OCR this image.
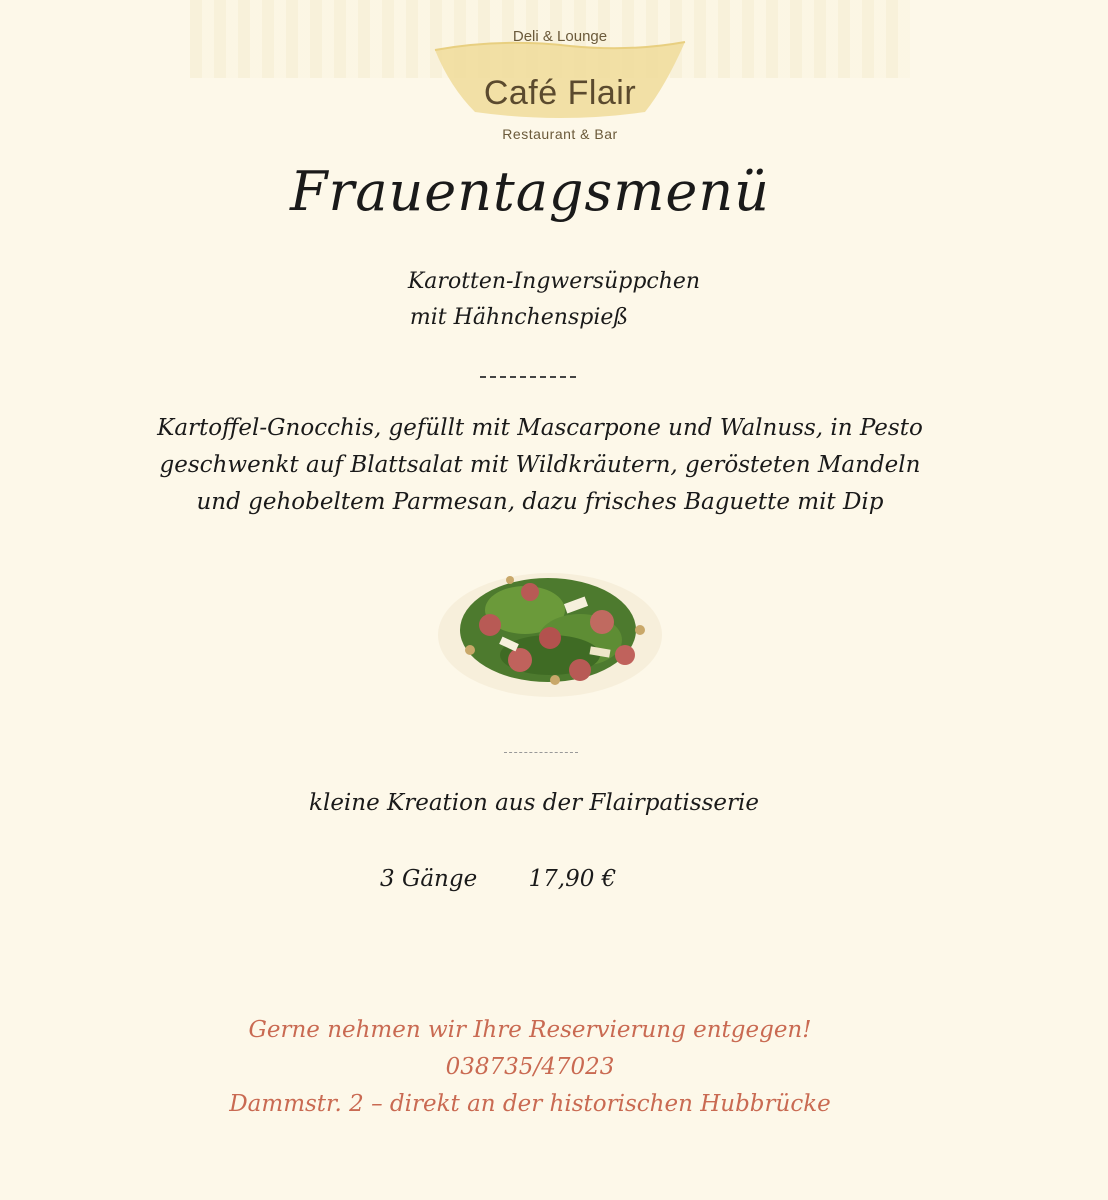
Deli & Lounge
Café Flair
Restaurant & Bar
Frauentagsmenü
Karotten-Ingwersüppchen
mit Hähnchenspieß
Kartoffel-Gnocchis, gefüllt mit Mascarpone und Walnuss, in Pesto
geschwenkt auf Blattsalat mit Wildkräutern, gerösteten Mandeln
und gehobeltem Parmesan, dazu frisches Baguette mit Dip
kleine Kreation aus der Flairpatisserie
3 Gänge 17,90 €
Gerne nehmen wir Ihre Reservierung entgegen!
038735/47023
Dammstr. 2 – direkt an der historischen Hubbrücke
